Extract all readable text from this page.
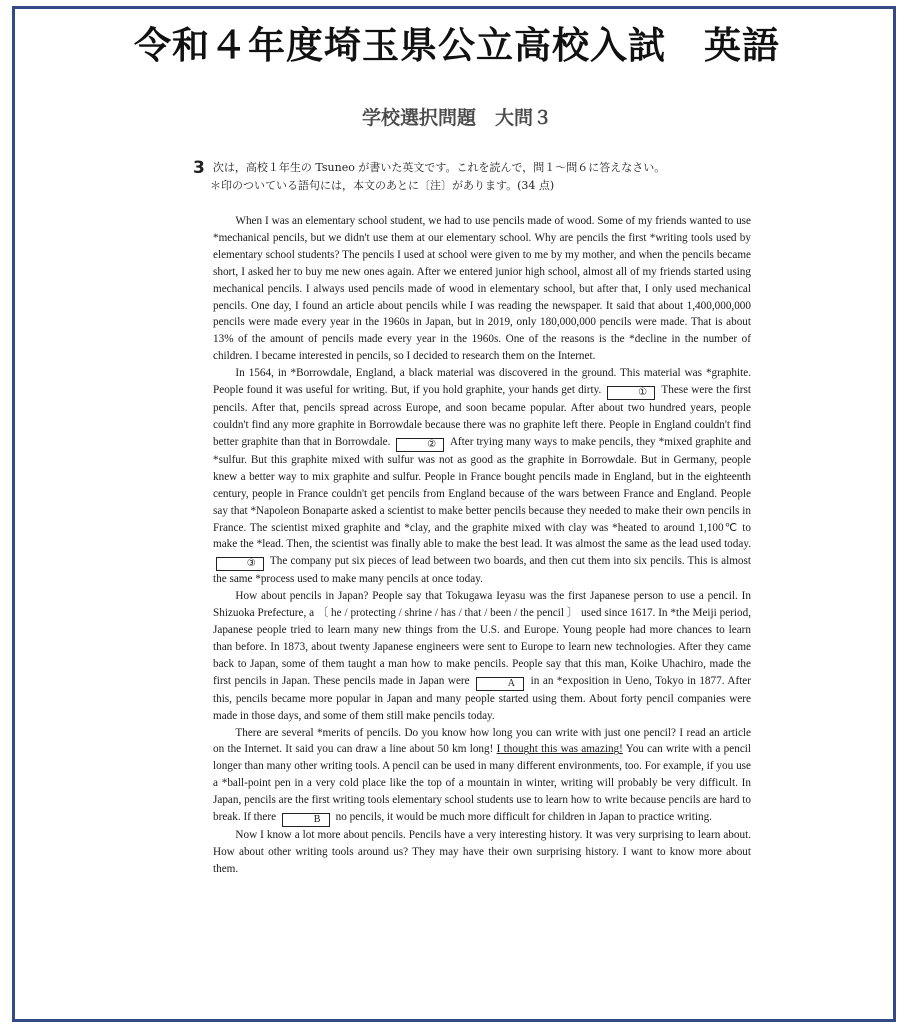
令和４年度埼玉県公立高校入試　英語
学校選択問題　大問３
3 次は，高校１年生の Tsuneo が書いた英文です。これを読んで，問１～問６に答えなさい。
＊印のついている語句には，本文のあとに〔注〕があります。(34 点)

When I was an elementary school student, we had to use pencils made of wood. Some of my friends wanted to use *mechanical pencils, but we didn't use them at our elementary school. Why are pencils the first *writing tools used by elementary school students? The pencils I used at school were given to me by my mother, and when the pencils became short, I asked her to buy me new ones again. After we entered junior high school, almost all of my friends started using mechanical pencils. I always used pencils made of wood in elementary school, but after that, I only used mechanical pencils. One day, I found an article about pencils while I was reading the newspaper. It said that about 1,400,000,000 pencils were made every year in the 1960s in Japan, but in 2019, only 180,000,000 pencils were made. That is about 13% of the amount of pencils made every year in the 1960s. One of the reasons is the *decline in the number of children. I became interested in pencils, so I decided to research them on the Internet.

In 1564, in *Borrowdale, England, a black material was discovered in the ground. This material was *graphite. People found it was useful for writing. But, if you hold graphite, your hands get dirty.	① These were the first pencils. After that, pencils spread across Europe, and soon became popular. After about two hundred years, people couldn't find any more graphite in Borrowdale because there was no graphite left there. People in England couldn't find better graphite than that in Borrowdale.	② After trying many ways to make pencils, they *mixed graphite and *sulfur. But this graphite mixed with sulfur was not as good as the graphite in Borrowdale. But in Germany, people knew a better way to mix graphite and sulfur. People in France bought pencils made in England, but in the eighteenth century, people in France couldn't get pencils from England because of the wars between France and England. People say that *Napoleon Bonaparte asked a scientist to make better pencils because they needed to make their own pencils in France. The scientist mixed graphite and *clay, and the graphite mixed with clay was *heated to around 1,100℃ to make the *lead. Then, the scientist was finally able to make the best lead. It was almost the same as the lead used today. ③ The company put six pieces of lead between two boards, and then cut them into six pencils. This is almost the same *process used to make many pencils at once today.

How about pencils in Japan? People say that Tokugawa Ieyasu was the first Japanese person to use a pencil. In Shizuoka Prefecture, a 〔 he / protecting / shrine / has / that / been / the pencil 〕 used since 1617. In *the Meiji period, Japanese people tried to learn many new things from the U.S. and Europe. Young people had more chances to learn than before. In 1873, about twenty Japanese engineers were sent to Europe to learn new technologies. After they came back to Japan, some of them taught a man how to make pencils. People say that this man, Koike Uhachiro, made the first pencils in Japan. These pencils made in Japan were	A in an *exposition in Ueno, Tokyo in 1877. After this, pencils became more popular in Japan and many people started using them. About forty pencil companies were made in those days, and some of them still make pencils today.

There are several *merits of pencils. Do you know how long you can write with just one pencil? I read an article on the Internet. It said you can draw a line about 50 km long! I thought this was amazing! You can write with a pencil longer than many other writing tools. A pencil can be used in many different environments, too. For example, if you use a *ball-point pen in a very cold place like the top of a mountain in winter, writing will probably be very difficult. In Japan, pencils are the first writing tools elementary school students use to learn how to write because pencils are hard to break. If there	B no pencils, it would be much more difficult for children in Japan to practice writing.

Now I know a lot more about pencils. Pencils have a very interesting history. It was very surprising to learn about. How about other writing tools around us? They may have their own surprising history. I want to know more about them.
